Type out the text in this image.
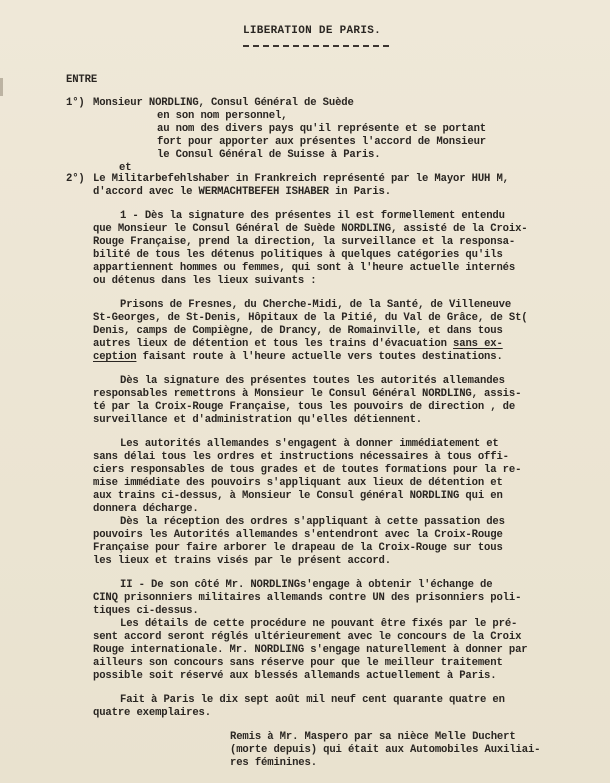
LIBERATION DE PARIS.
ENTRE
1°) Monsieur NORDLING, Consul Général de Suède
en son nom personnel,
au nom des divers pays qu'il représente et se portant
fort pour apporter aux présentes l'accord de Monsieur
le Consul Général de Suisse à Paris.
et
2°) Le Militarbefehlshaber in Frankreich représenté par le Mayor HUH M,
d'accord avec le WERMACHTBEFEH ISHABER in Paris.
1 - Dès la signature des présentes il est formellement entendu
que Monsieur le Consul Général de Suède NORDLING, assisté de la Croix-
Rouge Française, prend la direction, la surveillance et la responsa-
bilité de tous les détenus politiques à quelques catégories qu'ils
appartiennent hommes ou femmes, qui sont à l'heure actuelle internés
ou détenus dans les lieux suivants :
Prisons de Fresnes, du Cherche-Midi, de la Santé, de Villeneuve
St-Georges, de St-Denis, Hôpitaux de la Pitié, du Val de Grâce, de St(
Denis, camps de Compiègne, de Drancy, de Romainville, et dans tous
autres lieux de détention et tous les trains d'évacuation sans ex-
ception faisant route à l'heure actuelle vers toutes destinations.
Dès la signature des présentes toutes les autorités allemandes
responsables remettrons à Monsieur le Consul Général NORDLING, assis-
té par la Croix-Rouge Française, tous les pouvoirs de direction , de
surveillance et d'administration qu'elles détiennent.
Les autorités allemandes s'engagent à donner immédiatement et
sans délai tous les ordres et instructions nécessaires à tous offi-
ciers responsables de tous grades et de toutes formations pour la re-
mise immédiate des pouvoirs s'appliquant aux lieux de détention et
aux trains ci-dessus, à Monsieur le Consul général NORDLING qui en
donnera décharge.
Dès la réception des ordres s'appliquant à cette passation des
pouvoirs les Autorités allemandes s'entendront avec la Croix-Rouge
Française pour faire arborer le drapeau de la Croix-Rouge sur tous
les lieux et trains visés par le présent accord.
II - De son côté Mr. NORDLINGs'engage à obtenir l'échange de
CINQ prisonniers militaires allemands contre UN des prisonniers poli-
tiques ci-dessus.
Les détails de cette procédure ne pouvant être fixés par le pré-
sent accord seront réglés ultérieurement avec le concours de la Croix
Rouge internationale. Mr. NORDLING s'engage naturellement à donner par
ailleurs son concours sans réserve pour que le meilleur traitement
possible soit réservé aux blessés allemands actuellement à Paris.
Fait à Paris le dix sept août mil neuf cent quarante quatre en
quatre exemplaires.
Remis à Mr. Maspero par sa nièce Melle Duchert
(morte depuis) qui était aux Automobiles Auxiliai-
res féminines.
